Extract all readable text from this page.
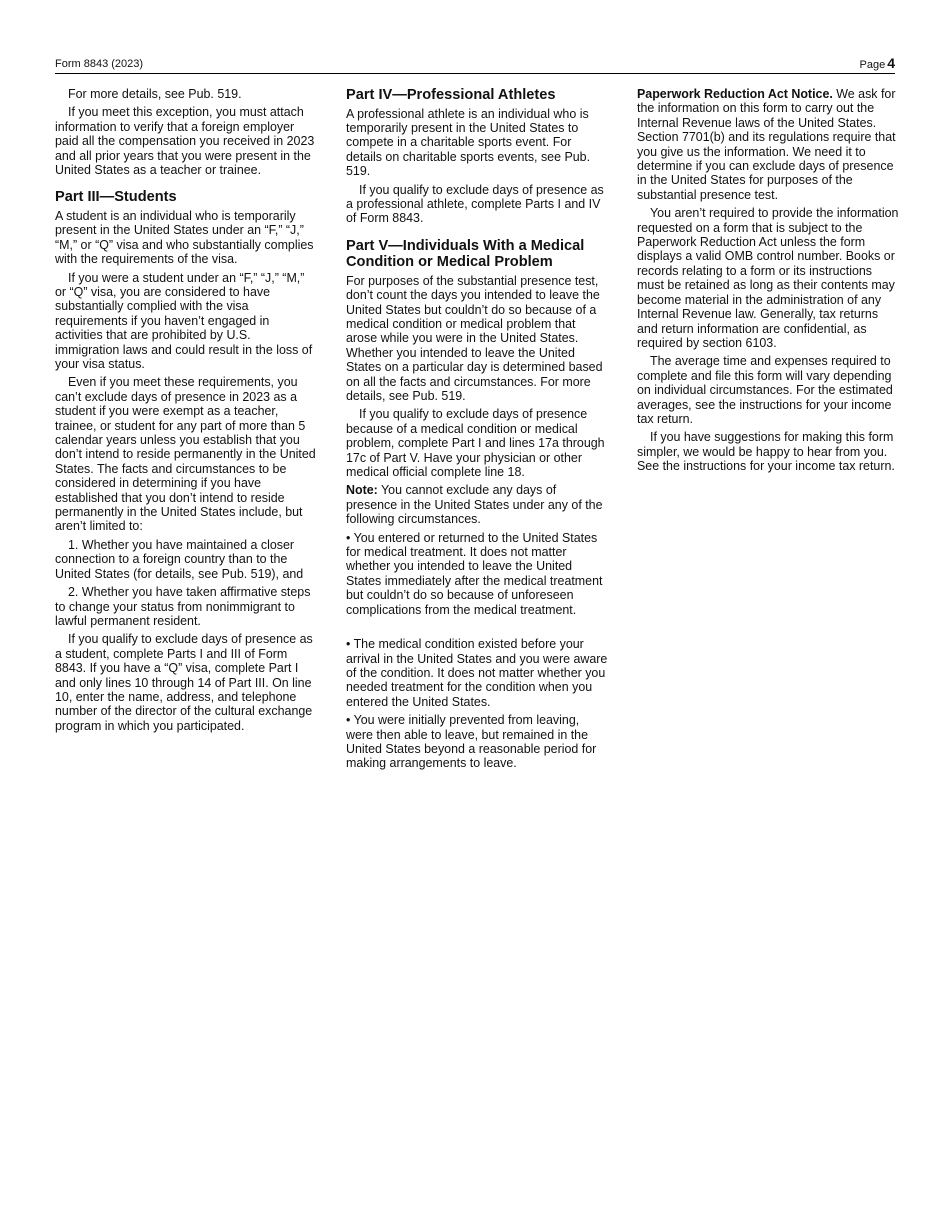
Form 8843 (2023)	Page 4

For more details, see Pub. 519.

If you meet this exception, you must attach information to verify that a foreign employer paid all the compensation you received in 2023 and all prior years that you were present in the United States as a teacher or trainee.

Part III—Students

A student is an individual who is temporarily present in the United States under an “F,” “J,” “M,” or “Q” visa and who substantially complies with the requirements of the visa.

If you were a student under an “F,” “J,” “M,” or “Q” visa, you are considered to have substantially complied with the visa requirements if you haven’t engaged in activities that are prohibited by U.S. immigration laws and could result in the loss of your visa status.

Even if you meet these requirements, you can’t exclude days of presence in 2023 as a student if you were exempt as a teacher, trainee, or student for any part of more than 5 calendar years unless you establish that you don’t intend to reside permanently in the United States. The facts and circumstances to be considered in determining if you have established that you don’t intend to reside permanently in the United States include, but aren’t limited to:

1. Whether you have maintained a closer connection to a foreign country than to the United States (for details, see Pub. 519), and

2. Whether you have taken affirmative steps to change your status from nonimmigrant to lawful permanent resident.

If you qualify to exclude days of presence as a student, complete Parts I and III of Form 8843. If you have a “Q” visa, complete Part I and only lines 10 through 14 of Part III. On line 10, enter the name, address, and telephone number of the director of the cultural exchange program in which you participated.

Part IV—Professional Athletes

A professional athlete is an individual who is temporarily present in the United States to compete in a charitable sports event. For details on charitable sports events, see Pub. 519.

If you qualify to exclude days of presence as a professional athlete, complete Parts I and IV of Form 8843.

Part V—Individuals With a Medical Condition or Medical Problem

For purposes of the substantial presence test, don’t count the days you intended to leave the United States but couldn’t do so because of a medical condition or medical problem that arose while you were in the United States. Whether you intended to leave the United States on a particular day is determined based on all the facts and circumstances. For more details, see Pub. 519.

If you qualify to exclude days of presence because of a medical condition or medical problem, complete Part I and lines 17a through 17c of Part V. Have your physician or other medical official complete line 18.

Note: You cannot exclude any days of presence in the United States under any of the following circumstances.

• You entered or returned to the United States for medical treatment. It does not matter whether you intended to leave the United States immediately after the medical treatment but couldn’t do so because of unforeseen complications from the medical treatment.

• The medical condition existed before your arrival in the United States and you were aware of the condition. It does not matter whether you needed treatment for the condition when you entered the United States.

• You were initially prevented from leaving, were then able to leave, but remained in the United States beyond a reasonable period for making arrangements to leave.

Paperwork Reduction Act Notice. We ask for the information on this form to carry out the Internal Revenue laws of the United States. Section 7701(b) and its regulations require that you give us the information. We need it to determine if you can exclude days of presence in the United States for purposes of the substantial presence test.

You aren’t required to provide the information requested on a form that is subject to the Paperwork Reduction Act unless the form displays a valid OMB control number. Books or records relating to a form or its instructions must be retained as long as their contents may become material in the administration of any Internal Revenue law. Generally, tax returns and return information are confidential, as required by section 6103.

The average time and expenses required to complete and file this form will vary depending on individual circumstances. For the estimated averages, see the instructions for your income tax return.

If you have suggestions for making this form simpler, we would be happy to hear from you. See the instructions for your income tax return.
